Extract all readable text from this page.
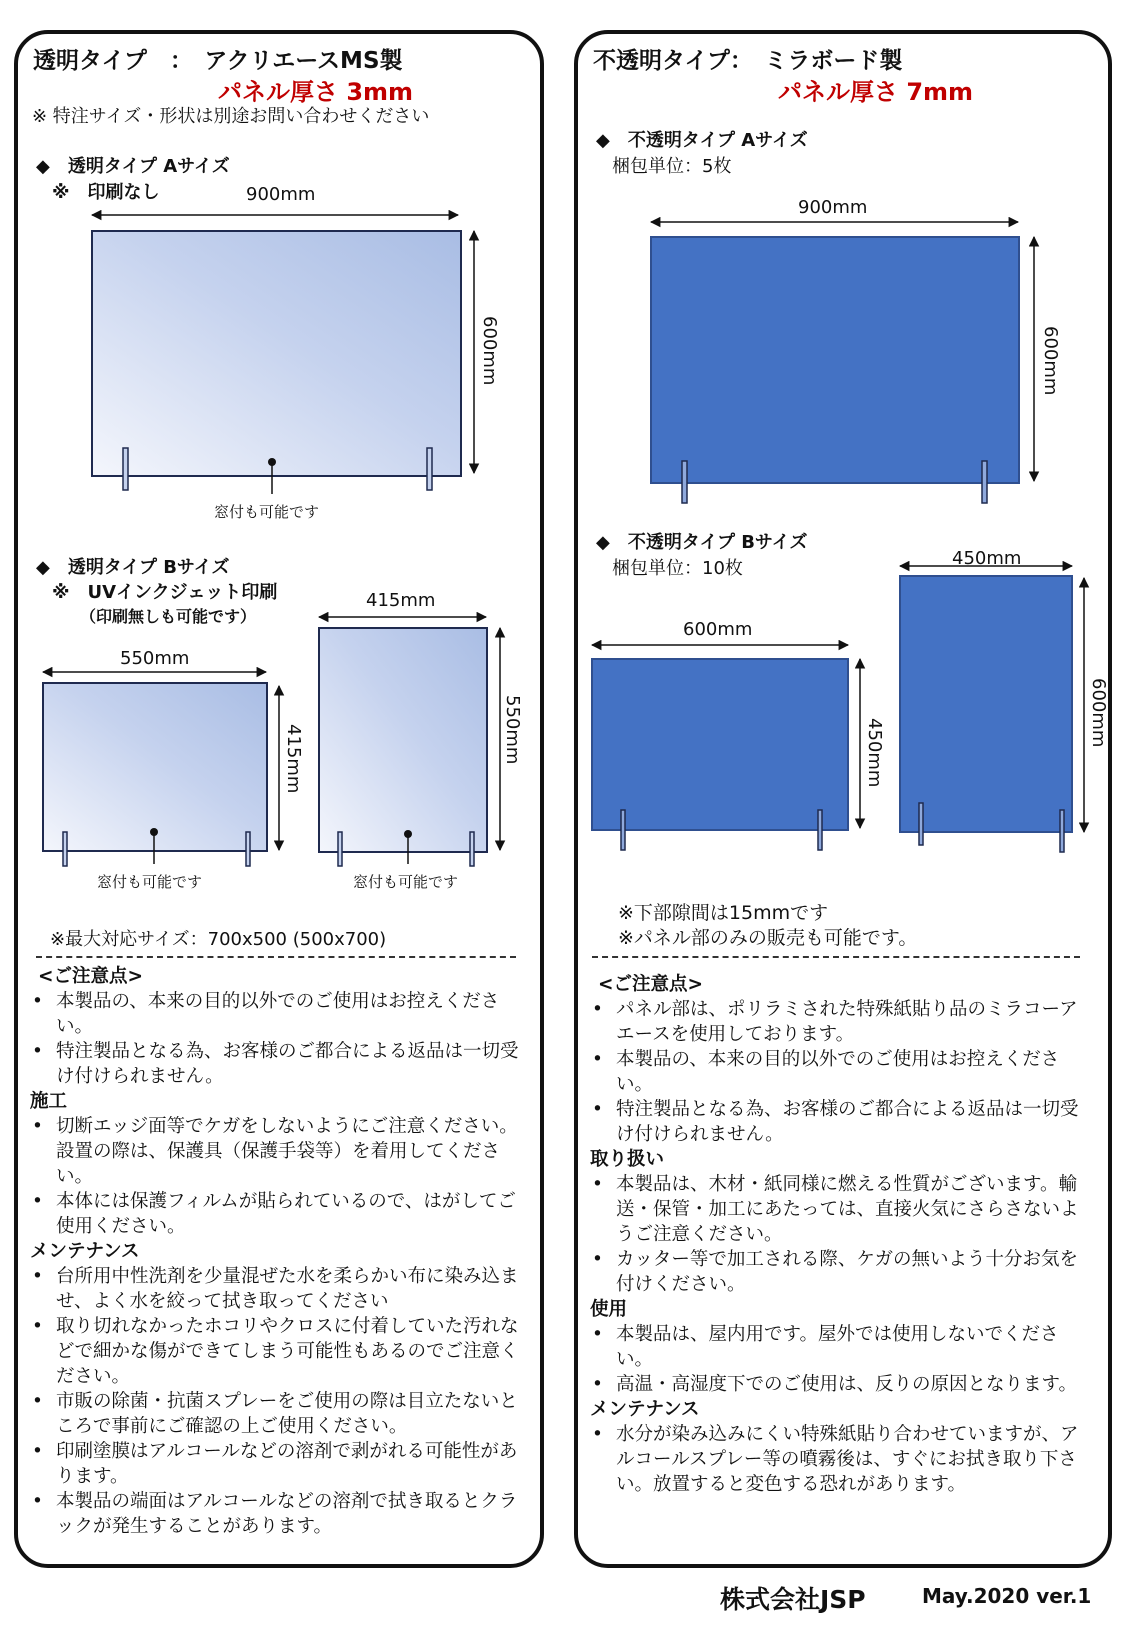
透明タイプ　：　アクリエースMS製
パネル厚さ 3mm
※ 特注サイズ・形状は別途お問い合わせください
◆　透明タイプ Aサイズ
※　印刷なし	900mm
600mm
窓付も可能です
◆　透明タイプ Bサイズ
※　UVインクジェット印刷
（印刷無しも可能です）
550mm
415mm
窓付も可能です
415mm
550mm
窓付も可能です
※最大対応サイズ：700x500 (500x700)
<ご注意点>
• 本製品の、本来の目的以外でのご使用はお控えください。
• 特注製品となる為、お客様のご都合による返品は一切受け付けられません。
施工
• 切断エッジ面等でケガをしないようにご注意ください。設置の際は、保護具（保護手袋等）を着用してください。
• 本体には保護フィルムが貼られているので、はがしてご使用ください。
メンテナンス
• 台所用中性洗剤を少量混ぜた水を柔らかい布に染み込ませ、よく水を絞って拭き取ってください
• 取り切れなかったホコリやクロスに付着していた汚れなどで細かな傷ができてしまう可能性もあるのでご注意ください。
• 市販の除菌・抗菌スプレーをご使用の際は目立たないところで事前にご確認の上ご使用ください。
• 印刷塗膜はアルコールなどの溶剤で剥がれる可能性があります。
• 本製品の端面はアルコールなどの溶剤で拭き取るとクラックが発生することがあります。
不透明タイプ：　ミラボード製
パネル厚さ 7mm
◆　不透明タイプ Aサイズ
梱包単位：5枚
900mm
600mm
◆　不透明タイプ Bサイズ
梱包単位：10枚
600mm
450mm
450mm
600mm
※下部隙間は15mmです
※パネル部のみの販売も可能です。
<ご注意点>
• パネル部は、ポリラミされた特殊紙貼り品のミラコーアエースを使用しております。
• 本製品の、本来の目的以外でのご使用はお控えください。
• 特注製品となる為、お客様のご都合による返品は一切受け付けられません。
取り扱い
• 本製品は、木材・紙同様に燃える性質がございます。輸送・保管・加工にあたっては、直接火気にさらさないようご注意ください。
• カッター等で加工される際、ケガの無いよう十分お気を付けください。
使用
• 本製品は、屋内用です。屋外では使用しないでください。
• 高温・高湿度下でのご使用は、反りの原因となります。
メンテナンス
• 水分が染み込みにくい特殊紙貼り合わせていますが、アルコールスプレー等の噴霧後は、すぐにお拭き取り下さい。放置すると変色する恐れがあります。
株式会社JSP	May.2020 ver.1
